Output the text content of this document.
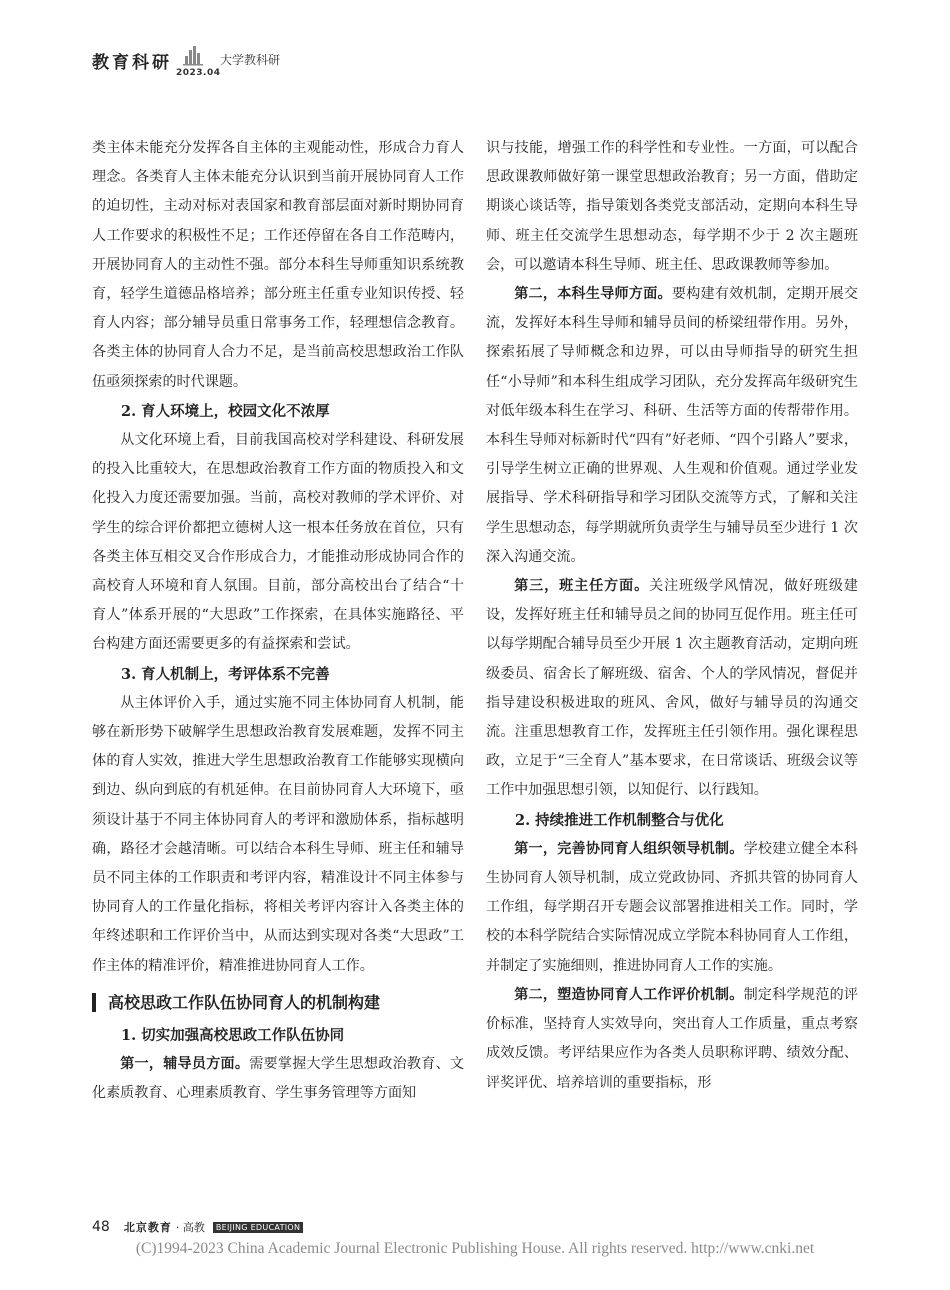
教育科研 2023.04
大学教科研

类主体未能充分发挥各自主体的主观能动性，形成合力育人理念。各类育人主体未能充分认识到当前开展协同育人工作的迫切性，主动对标对表国家和教育部层面对新时期协同育人工作要求的积极性不足；工作还停留在各自工作范畴内，开展协同育人的主动性不强。部分本科生导师重知识系统教育，轻学生道德品格培养；部分班主任重专业知识传授、轻育人内容；部分辅导员重日常事务工作，轻理想信念教育。各类主体的协同育人合力不足，是当前高校思想政治工作队伍亟须探索的时代课题。

2. 育人环境上，校园文化不浓厚

从文化环境上看，目前我国高校对学科建设、科研发展的投入比重较大，在思想政治教育工作方面的物质投入和文化投入力度还需要加强。当前，高校对教师的学术评价、对学生的综合评价都把立德树人这一根本任务放在首位，只有各类主体互相交叉合作形成合力，才能推动形成协同合作的高校育人环境和育人氛围。目前，部分高校出台了结合“十育人”体系开展的“大思政”工作探索，在具体实施路径、平台构建方面还需要更多的有益探索和尝试。

3. 育人机制上，考评体系不完善

从主体评价入手，通过实施不同主体协同育人机制，能够在新形势下破解学生思想政治教育发展难题，发挥不同主体的育人实效，推进大学生思想政治教育工作能够实现横向到边、纵向到底的有机延伸。在目前协同育人大环境下，亟须设计基于不同主体协同育人的考评和激励体系，指标越明确，路径才会越清晰。可以结合本科生导师、班主任和辅导员不同主体的工作职责和考评内容，精准设计不同主体参与协同育人的工作量化指标，将相关考评内容计入各类主体的年终述职和工作评价当中，从而达到实现对各类“大思政”工作主体的精准评价，精准推进协同育人工作。

高校思政工作队伍协同育人的机制构建
1. 切实加强高校思政工作队伍协同

第一，辅导员方面。需要掌握大学生思想政治教育、文化素质教育、心理素质教育、学生事务管理等方面知

识与技能，增强工作的科学性和专业性。一方面，可以配合思政课教师做好第一课堂思想政治教育；另一方面，借助定期谈心谈话等，指导策划各类党支部活动，定期向本科生导师、班主任交流学生思想动态，每学期不少于 2 次主题班会，可以邀请本科生导师、班主任、思政课教师等参加。

第二，本科生导师方面。要构建有效机制，定期开展交流，发挥好本科生导师和辅导员间的桥梁纽带作用。另外，探索拓展了导师概念和边界，可以由导师指导的研究生担任“小导师”和本科生组成学习团队，充分发挥高年级研究生对低年级本科生在学习、科研、生活等方面的传帮带作用。本科生导师对标新时代“四有”好老师、“四个引路人”要求，引导学生树立正确的世界观、人生观和价值观。通过学业发展指导、学术科研指导和学习团队交流等方式，了解和关注学生思想动态，每学期就所负责学生与辅导员至少进行 1 次深入沟通交流。

第三，班主任方面。关注班级学风情况，做好班级建设，发挥好班主任和辅导员之间的协同互促作用。班主任可以每学期配合辅导员至少开展 1 次主题教育活动，定期向班级委员、宿舍长了解班级、宿舍、个人的学风情况，督促并指导建设积极进取的班风、舍风，做好与辅导员的沟通交流。注重思想教育工作，发挥班主任引领作用。强化课程思政，立足于“三全育人”基本要求，在日常谈话、班级会议等工作中加强思想引领，以知促行、以行践知。

2. 持续推进工作机制整合与优化

第一，完善协同育人组织领导机制。学校建立健全本科生协同育人领导机制，成立党政协同、齐抓共管的协同育人工作组，每学期召开专题会议部署推进相关工作。同时，学校的本科学院结合实际情况成立学院本科协同育人工作组，并制定了实施细则，推进协同育人工作的实施。

第二，塑造协同育人工作评价机制。制定科学规范的评价标准，坚持育人实效导向，突出育人工作质量，重点考察成效反馈。考评结果应作为各类人员职称评聘、绩效分配、评奖评优、培养培训的重要指标，形

48 北京教育 · 高教	BEIJING EDUCATION
(C)1994-2023 China Academic Journal Electronic Publishing House. All rights reserved. http://www.cnki.net
